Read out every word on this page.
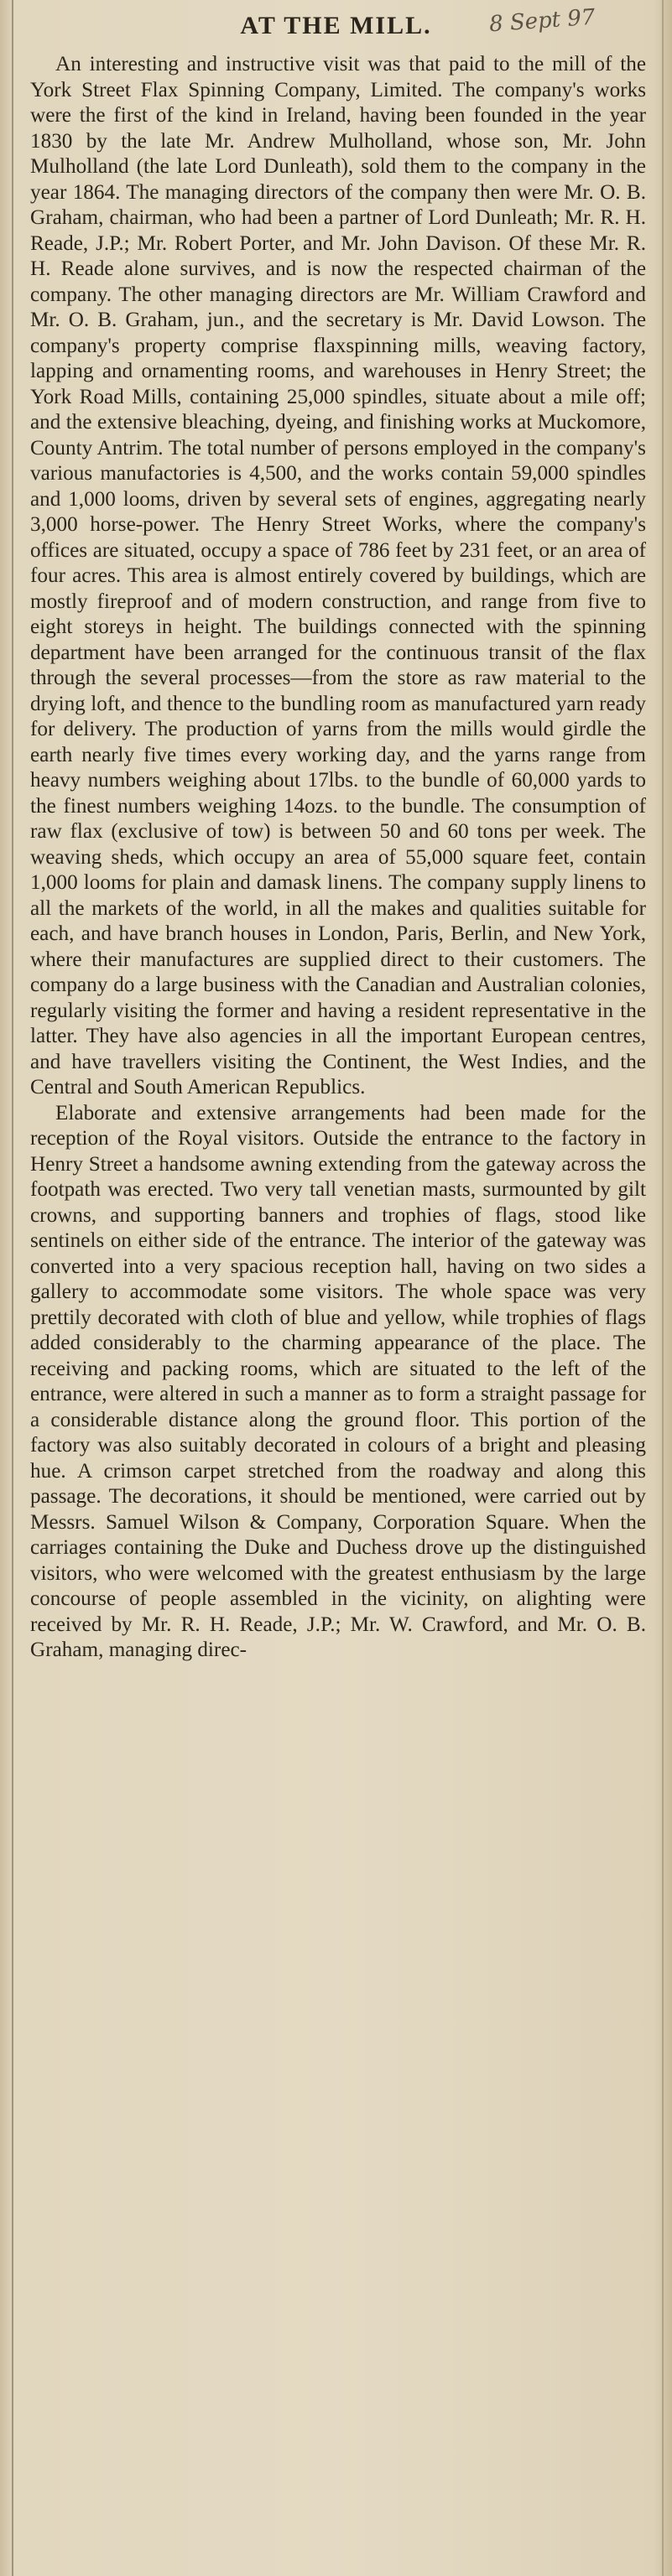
AT THE MILL.	8 Sept 97

An interesting and instructive visit was that paid to the mill of the York Street Flax Spinning Company, Limited. The company's works were the first of the kind in Ireland, having been founded in the year 1830 by the late Mr. Andrew Mulholland, whose son, Mr. John Mulholland (the late Lord Dunleath), sold them to the company in the year 1864. The managing directors of the company then were Mr. O. B. Graham, chairman, who had been a partner of Lord Dunleath; Mr. R. H. Reade, J.P.; Mr. Robert Porter, and Mr. John Davison. Of these Mr. R. H. Reade alone survives, and is now the respected chairman of the company. The other managing directors are Mr. William Crawford and Mr. O. B. Graham, jun., and the secretary is Mr. David Lowson. The company's property comprise flaxspinning mills, weaving factory, lapping and ornamenting rooms, and warehouses in Henry Street; the York Road Mills, containing 25,000 spindles, situate about a mile off; and the extensive bleaching, dyeing, and finishing works at Muckomore, County Antrim. The total number of persons employed in the company's various manufactories is 4,500, and the works contain 59,000 spindles and 1,000 looms, driven by several sets of engines, aggregating nearly 3,000 horse-power. The Henry Street Works, where the company's offices are situated, occupy a space of 786 feet by 231 feet, or an area of four acres. This area is almost entirely covered by buildings, which are mostly fireproof and of modern construction, and range from five to eight storeys in height. The buildings connected with the spinning department have been arranged for the continuous transit of the flax through the several processes—from the store as raw material to the drying loft, and thence to the bundling room as manufactured yarn ready for delivery. The production of yarns from the mills would girdle the earth nearly five times every working day, and the yarns range from heavy numbers weighing about 17lbs. to the bundle of 60,000 yards to the finest numbers weighing 14ozs. to the bundle. The consumption of raw flax (exclusive of tow) is between 50 and 60 tons per week. The weaving sheds, which occupy an area of 55,000 square feet, contain 1,000 looms for plain and damask linens. The company supply linens to all the markets of the world, in all the makes and qualities suitable for each, and have branch houses in London, Paris, Berlin, and New York, where their manufactures are supplied direct to their customers. The company do a large business with the Canadian and Australian colonies, regularly visiting the former and having a resident representative in the latter. They have also agencies in all the important European centres, and have travellers visiting the Continent, the West Indies, and the Central and South American Republics.

Elaborate and extensive arrangements had been made for the reception of the Royal visitors. Outside the entrance to the factory in Henry Street a handsome awning extending from the gateway across the footpath was erected. Two very tall venetian masts, surmounted by gilt crowns, and supporting banners and trophies of flags, stood like sentinels on either side of the entrance. The interior of the gateway was converted into a very spacious reception hall, having on two sides a gallery to accommodate some visitors. The whole space was very prettily decorated with cloth of blue and yellow, while trophies of flags added considerably to the charming appearance of the place. The receiving and packing rooms, which are situated to the left of the entrance, were altered in such a manner as to form a straight passage for a considerable distance along the ground floor. This portion of the factory was also suitably decorated in colours of a bright and pleasing hue. A crimson carpet stretched from the roadway and along this passage. The decorations, it should be mentioned, were carried out by Messrs. Samuel Wilson & Company, Corporation Square. When the carriages containing the Duke and Duchess drove up the distinguished visitors, who were welcomed with the greatest enthusiasm by the large concourse of people assembled in the vicinity, on alighting were received by Mr. R. H. Reade, J.P.; Mr. W. Crawford, and Mr. O. B. Graham, managing direc-
